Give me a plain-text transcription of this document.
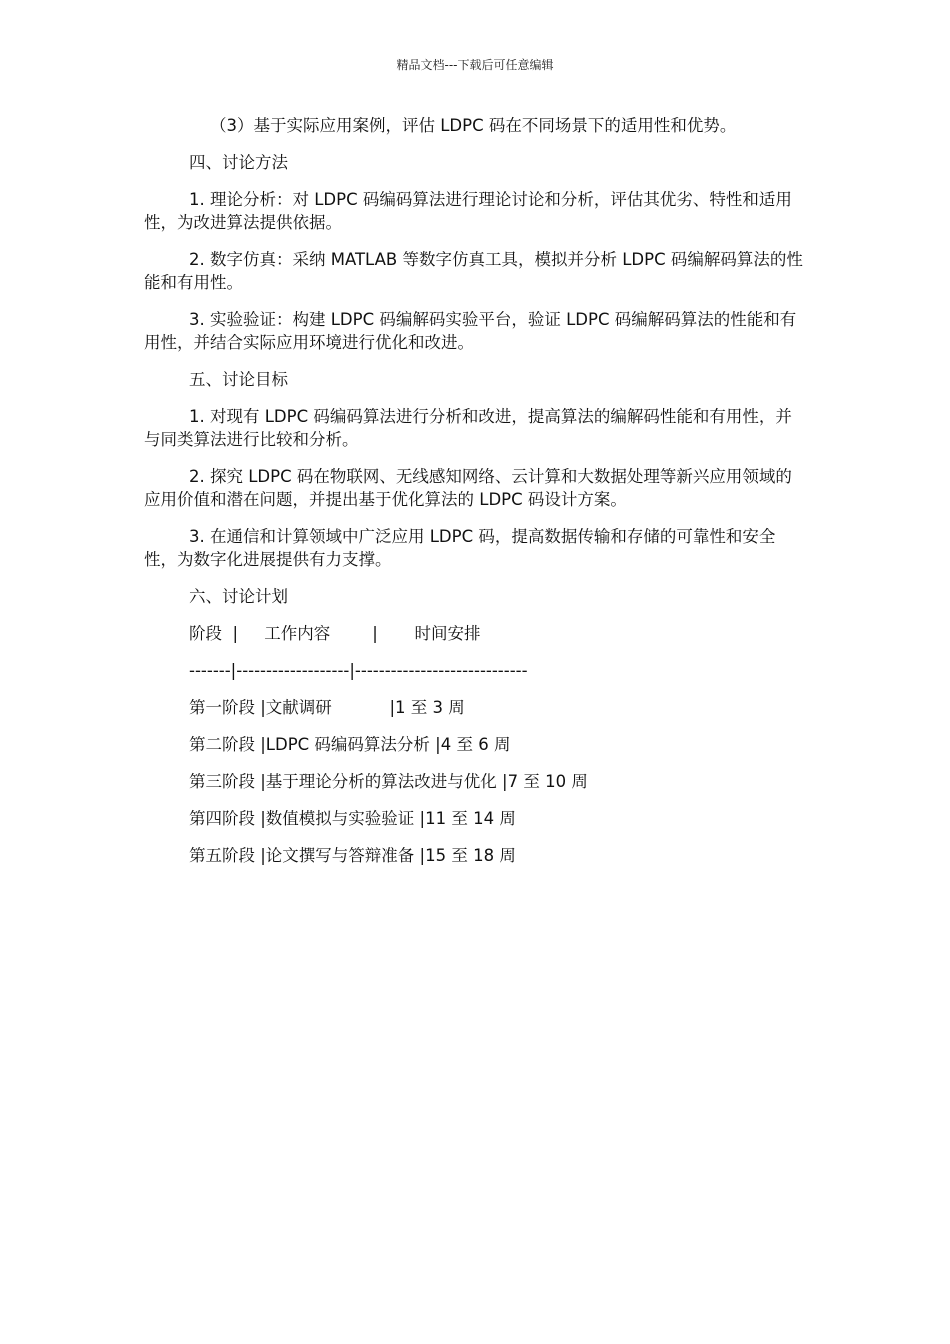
精品文档---下载后可任意编辑

（3）基于实际应用案例，评估 LDPC 码在不同场景下的适用性和优势。

四、讨论方法

1. 理论分析：对 LDPC 码编码算法进行理论讨论和分析，评估其优劣、特性和适用性，为改进算法提供依据。

2. 数字仿真：采纳 MATLAB 等数字仿真工具，模拟并分析 LDPC 码编解码算法的性能和有用性。

3. 实验验证：构建 LDPC 码编解码实验平台，验证 LDPC 码编解码算法的性能和有用性，并结合实际应用环境进行优化和改进。

五、讨论目标

1. 对现有 LDPC 码编码算法进行分析和改进，提高算法的编解码性能和有用性，并与同类算法进行比较和分析。

2. 探究 LDPC 码在物联网、无线感知网络、云计算和大数据处理等新兴应用领域的应用价值和潜在问题，并提出基于优化算法的 LDPC 码设计方案。

3. 在通信和计算领域中广泛应用 LDPC 码，提高数据传输和存储的可靠性和安全性，为数字化进展提供有力支撑。

六、讨论计划

阶段  |     工作内容        |       时间安排

-------|-------------------|-----------------------------

第一阶段 |文献调研           |1 至 3 周

第二阶段 |LDPC 码编码算法分析 |4 至 6 周

第三阶段 |基于理论分析的算法改进与优化 |7 至 10 周

第四阶段 |数值模拟与实验验证 |11 至 14 周

第五阶段 |论文撰写与答辩准备 |15 至 18 周
